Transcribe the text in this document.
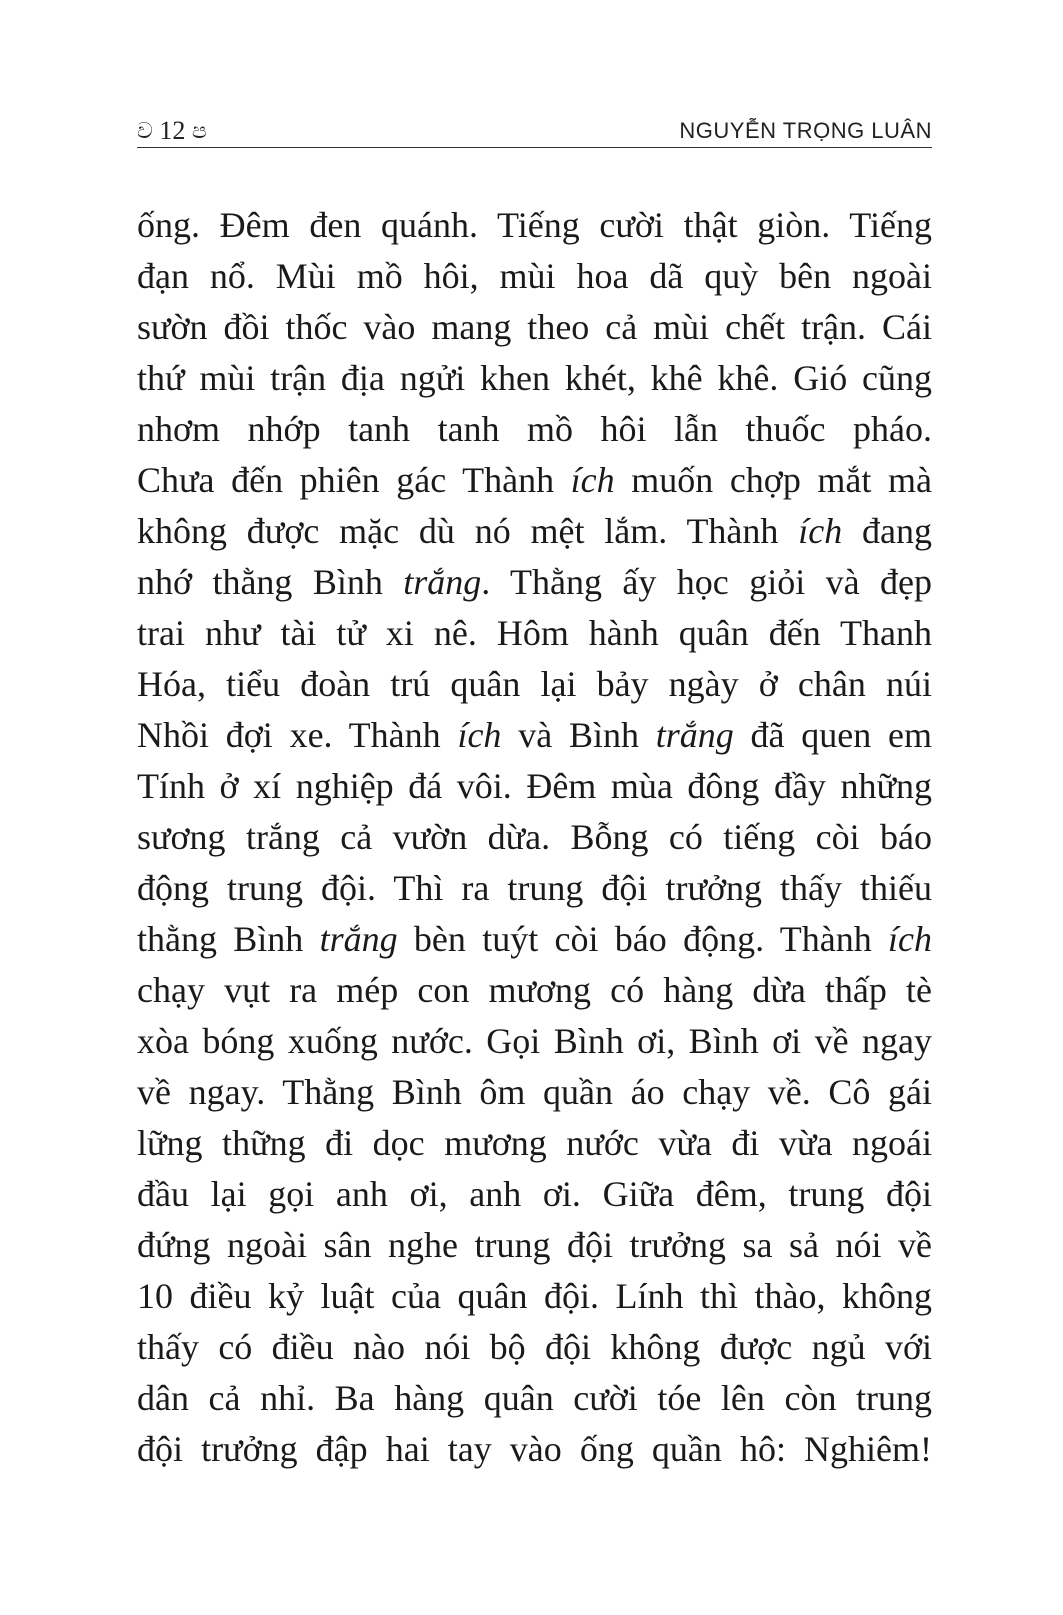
ව 12 ප	NGUYỄN TRỌNG LUÂN
ống. Đêm đen quánh. Tiếng cười thật giòn. Tiếng
đạn nổ. Mùi mồ hôi, mùi hoa dã quỳ bên ngoài
sườn đồi thốc vào mang theo cả mùi chết trận. Cái
thứ mùi trận địa ngửi khen khét, khê khê. Gió cũng
nhơm nhớp tanh tanh mồ hôi lẫn thuốc pháo.
Chưa đến phiên gác Thành ích muốn chợp mắt mà
không được mặc dù nó mệt lắm. Thành ích đang
nhớ thằng Bình trắng. Thằng ấy học giỏi và đẹp
trai như tài tử xi nê. Hôm hành quân đến Thanh
Hóa, tiểu đoàn trú quân lại bảy ngày ở chân núi
Nhồi đợi xe. Thành ích và Bình trắng đã quen em
Tính ở xí nghiệp đá vôi. Đêm mùa đông đầy những
sương trắng cả vườn dừa. Bỗng có tiếng còi báo
động trung đội. Thì ra trung đội trưởng thấy thiếu
thằng Bình trắng bèn tuýt còi báo động. Thành ích
chạy vụt ra mép con mương có hàng dừa thấp tè
xòa bóng xuống nước. Gọi Bình ơi, Bình ơi về ngay
về ngay. Thằng Bình ôm quần áo chạy về. Cô gái
lững thững đi dọc mương nước vừa đi vừa ngoái
đầu lại gọi anh ơi, anh ơi. Giữa đêm, trung đội
đứng ngoài sân nghe trung đội trưởng sa sả nói về
10 điều kỷ luật của quân đội. Lính thì thào, không
thấy có điều nào nói bộ đội không được ngủ với
dân cả nhỉ. Ba hàng quân cười tóe lên còn trung
đội trưởng đập hai tay vào ống quần hô: Nghiêm!
